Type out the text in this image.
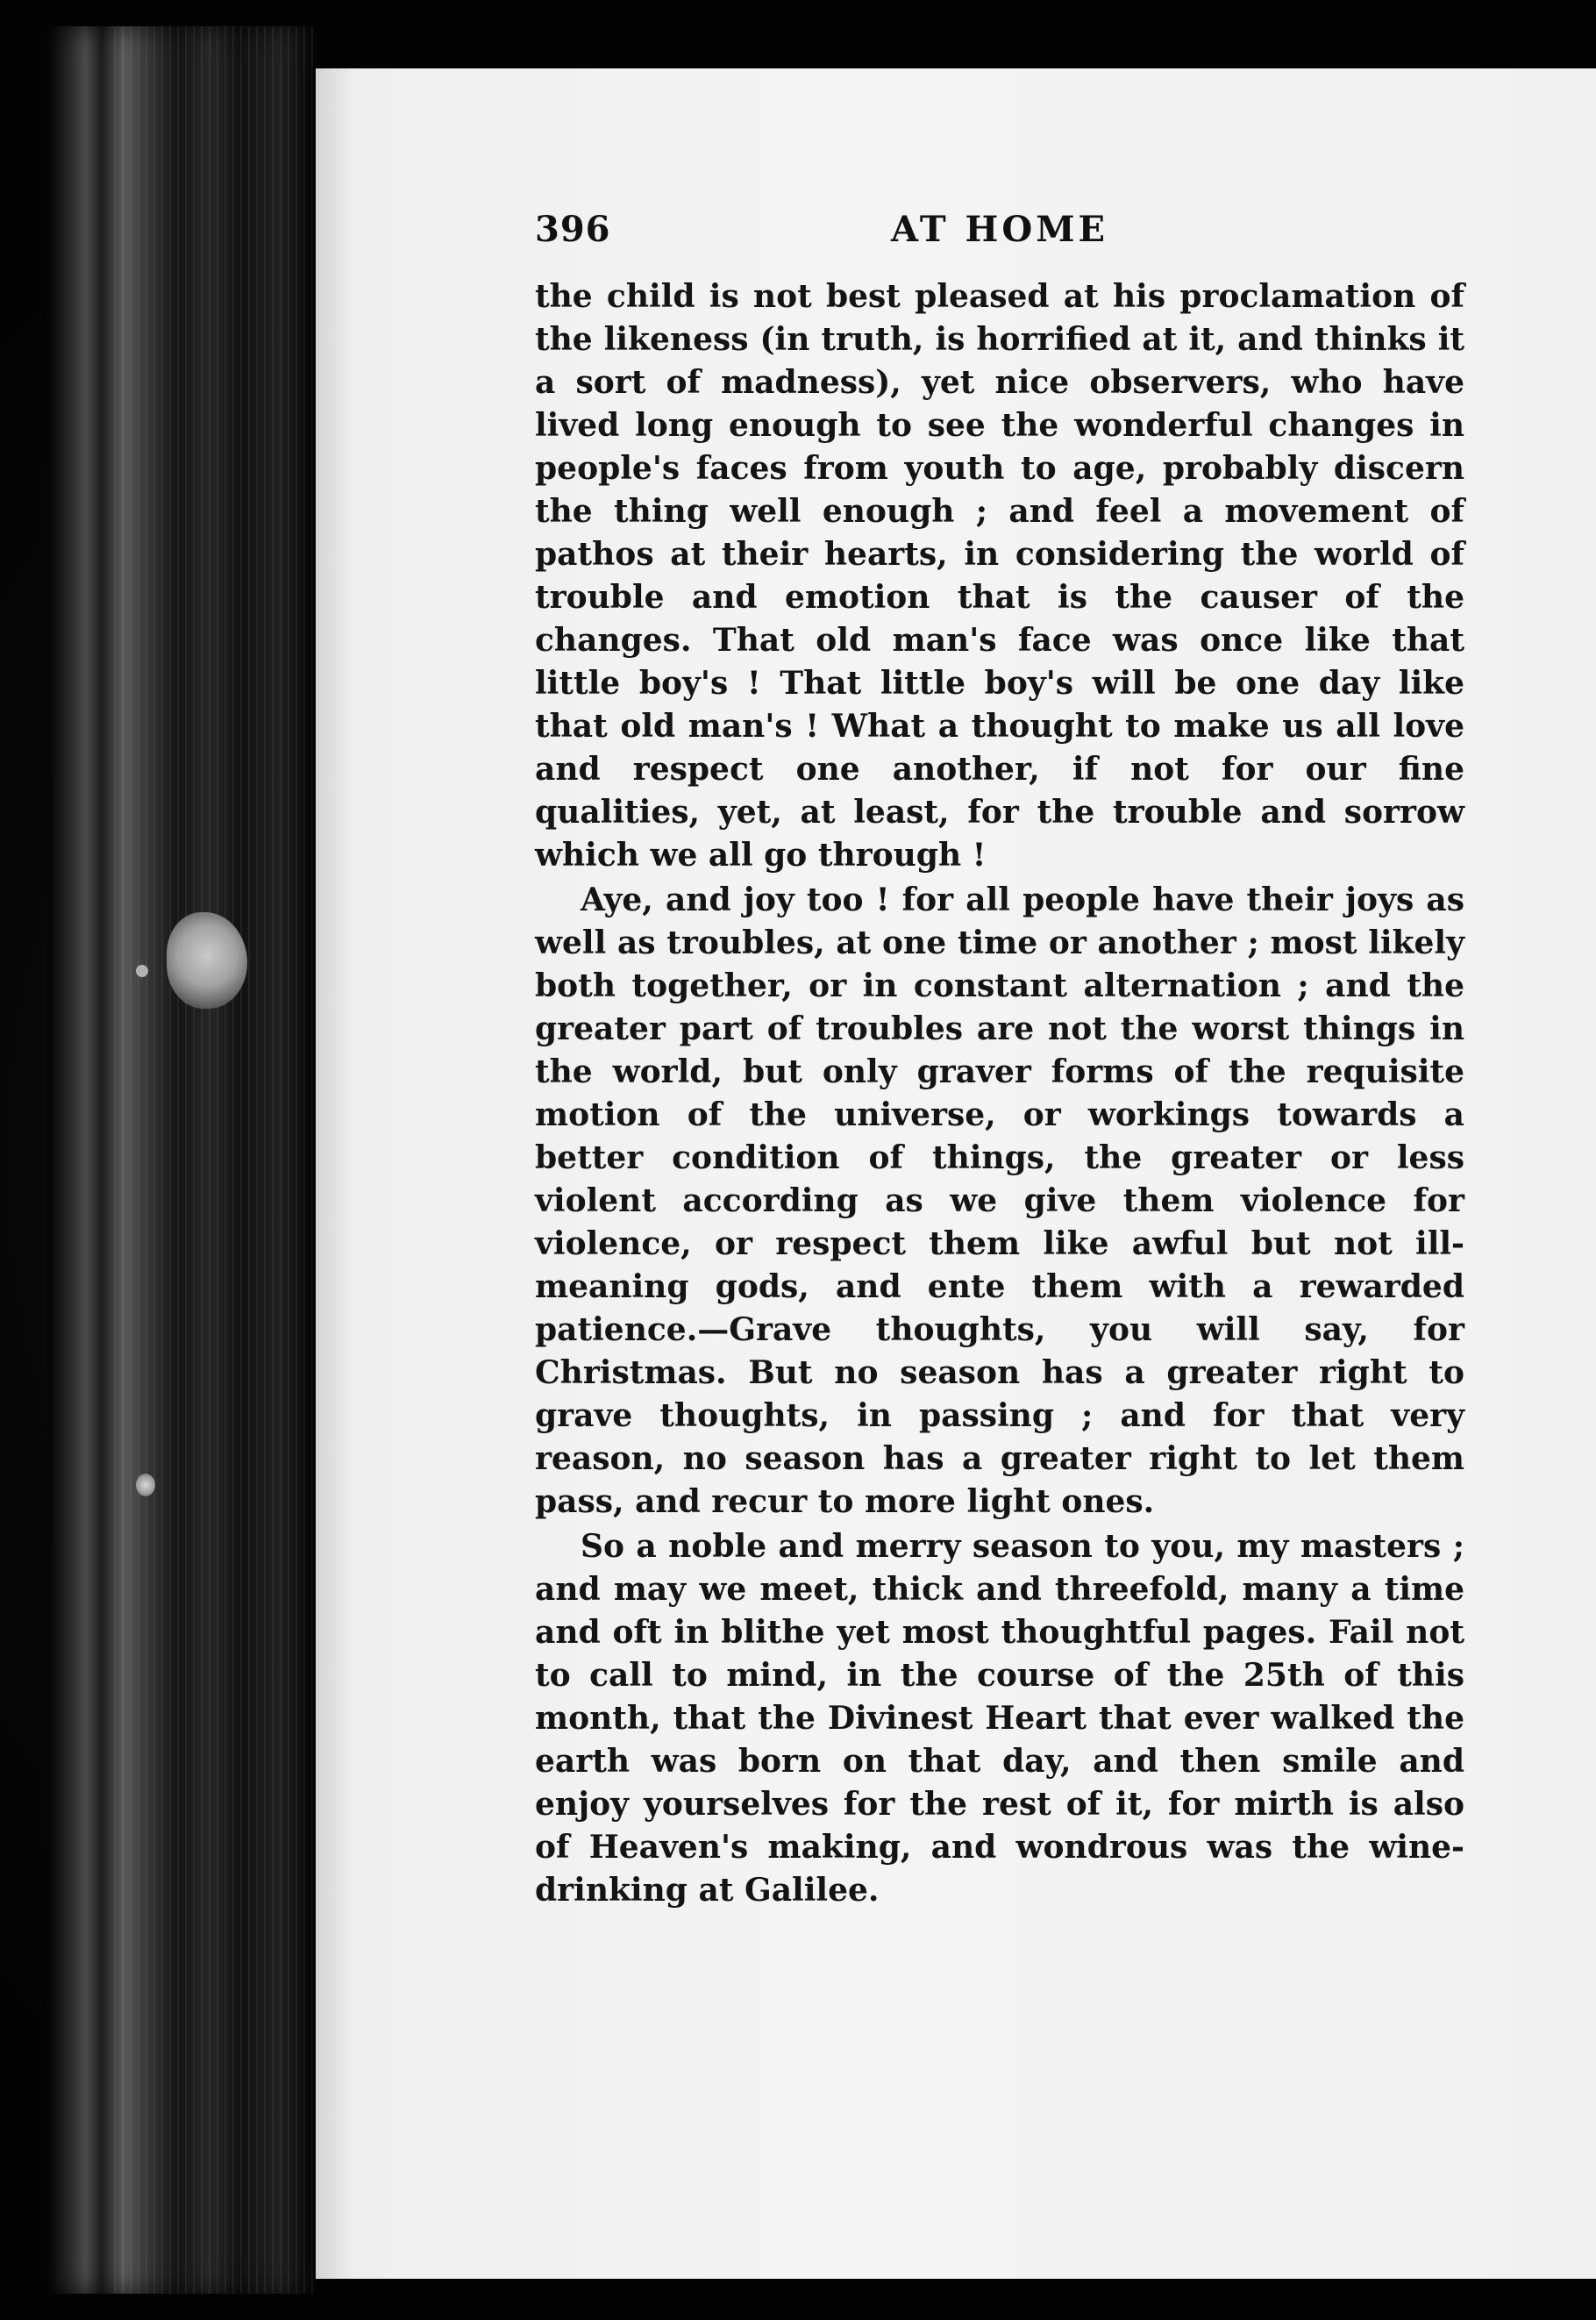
396	AT HOME

the child is not best pleased at his proclamation of the likeness (in truth, is horrified at it, and thinks it a sort of madness), yet nice observers, who have lived long enough to see the wonderful changes in people's faces from youth to age, probably discern the thing well enough ; and feel a movement of pathos at their hearts, in considering the world of trouble and emotion that is the causer of the changes. That old man's face was once like that little boy's ! That little boy's will be one day like that old man's ! What a thought to make us all love and respect one another, if not for our fine qualities, yet, at least, for the trouble and sorrow which we all go through !

Aye, and joy too ! for all people have their joys as well as troubles, at one time or another ; most likely both together, or in constant alternation ; and the greater part of troubles are not the worst things in the world, but only graver forms of the requisite motion of the universe, or workings towards a better condition of things, the greater or less violent according as we give them violence for violence, or respect them like awful but not ill-meaning gods, and ente them with a rewarded patience.—Grave thoughts, you will say, for Christmas. But no season has a greater right to grave thoughts, in passing ; and for that very reason, no season has a greater right to let them pass, and recur to more light ones.

So a noble and merry season to you, my masters ; and may we meet, thick and threefold, many a time and oft in blithe yet most thoughtful pages. Fail not to call to mind, in the course of the 25th of this month, that the Divinest Heart that ever walked the earth was born on that day, and then smile and enjoy yourselves for the rest of it, for mirth is also of Heaven's making, and wondrous was the wine-drinking at Galilee.
